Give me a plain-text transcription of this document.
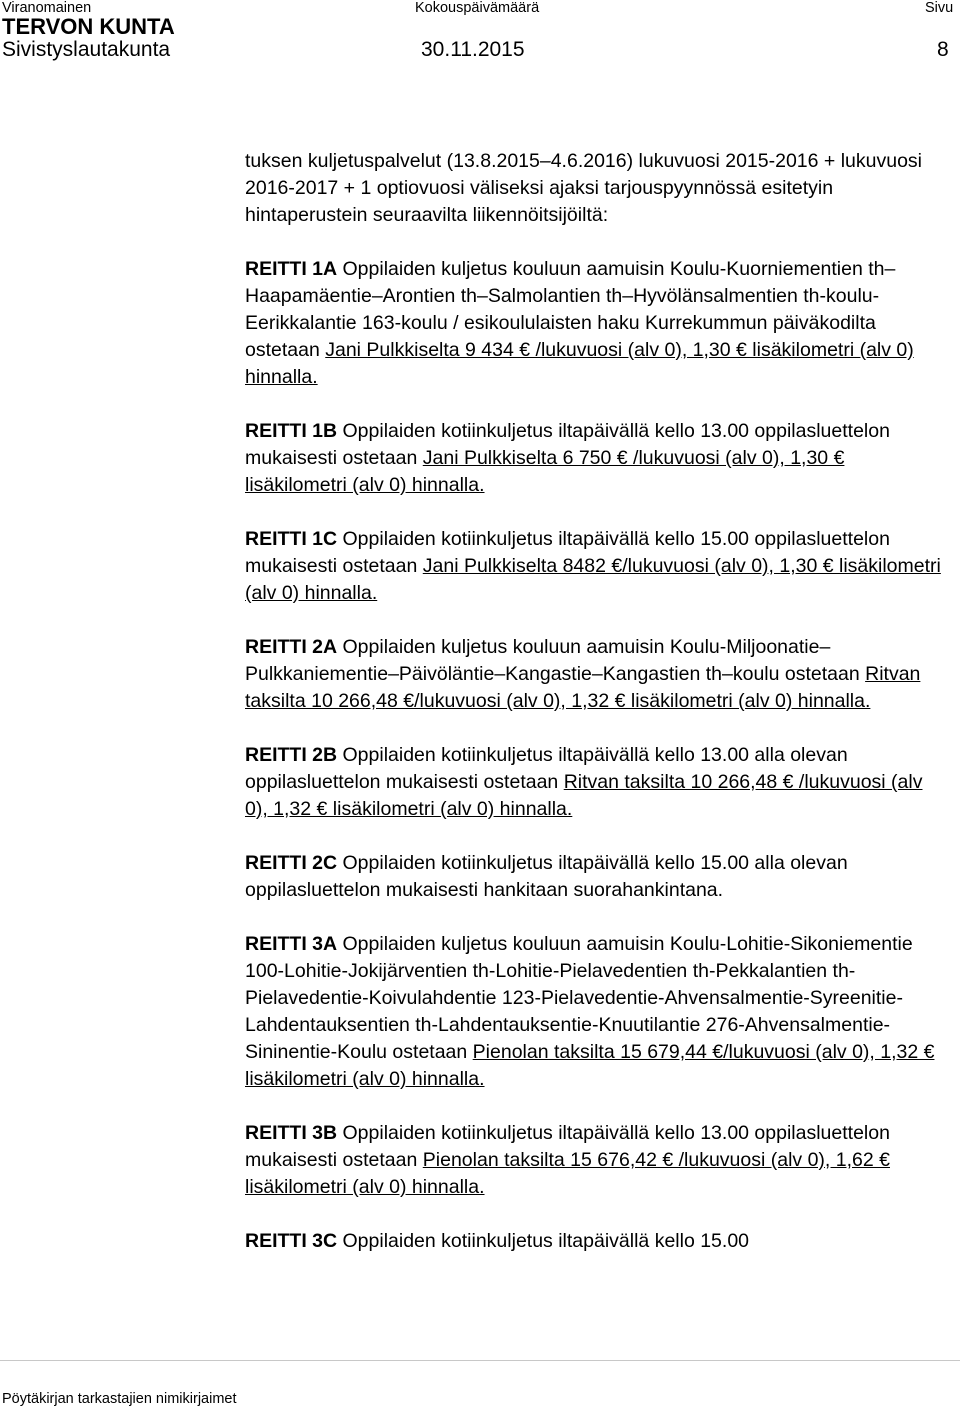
Viranomainen	Kokouspäivämäärä	Sivu
TERVON KUNTA
Sivistyslautakunta	30.11.2015	8

tuksen kuljetuspalvelut (13.8.2015–4.6.2016) lukuvuosi 2015-2016 + lukuvuosi 2016-2017 + 1 optiovuosi väliseksi ajaksi tarjouspyynnössä esitetyin hintaperustein seuraavilta liikennöitsijöiltä:

REITTI 1A Oppilaiden kuljetus kouluun aamuisin Koulu-Kuorniementien th–Haapamäentie–Arontien th–Salmolantien th–Hyvölänsalmentien th-koulu-Eerikkalantie 163-koulu / esikoululaisten haku Kurrekummun päiväkodilta ostetaan Jani Pulkkiselta 9 434 € /lukuvuosi (alv 0), 1,30 € lisäkilometri (alv 0) hinnalla.

REITTI 1B Oppilaiden kotiinkuljetus iltapäivällä kello 13.00 oppilasluettelon mukaisesti ostetaan Jani Pulkkiselta 6 750 € /lukuvuosi (alv 0), 1,30 € lisäkilometri (alv 0) hinnalla.

REITTI 1C Oppilaiden kotiinkuljetus iltapäivällä kello 15.00 oppilasluettelon mukaisesti ostetaan Jani Pulkkiselta 8482 €/lukuvuosi (alv 0), 1,30 € lisäkilometri (alv 0) hinnalla.

REITTI 2A Oppilaiden kuljetus kouluun aamuisin Koulu-Miljoonatie–Pulkkaniementie–Päivöläntie–Kangastie–Kangastien th–koulu ostetaan Ritvan taksilta 10 266,48 €/lukuvuosi (alv 0), 1,32 € lisäkilometri (alv 0) hinnalla.

REITTI 2B Oppilaiden kotiinkuljetus iltapäivällä kello 13.00 alla olevan oppilasluettelon mukaisesti ostetaan Ritvan taksilta 10 266,48 € /lukuvuosi (alv 0), 1,32 € lisäkilometri (alv 0) hinnalla.

REITTI 2C Oppilaiden kotiinkuljetus iltapäivällä kello 15.00 alla olevan oppilasluettelon mukaisesti hankitaan suorahankintana.

REITTI 3A Oppilaiden kuljetus kouluun aamuisin Koulu-Lohitie-Sikoniementie 100-Lohitie-Jokijärventien th-Lohitie-Pielavedentien th-Pekkalantien th-Pielavedentie-Koivulahdentie 123-Pielavedentie-Ahvensalmentie-Syreenitie-Lahdentauksentien th-Lahdentauksentie-Knuutilantie 276-Ahvensalmentie-Sininentie-Koulu ostetaan Pienolan taksilta 15 679,44 €/lukuvuosi (alv 0), 1,32 € lisäkilometri (alv 0) hinnalla.

REITTI 3B Oppilaiden kotiinkuljetus iltapäivällä kello 13.00 oppilasluettelon mukaisesti ostetaan Pienolan taksilta 15 676,42 € /lukuvuosi (alv 0), 1,62 € lisäkilometri (alv 0) hinnalla.

REITTI 3C Oppilaiden kotiinkuljetus iltapäivällä kello 15.00

Pöytäkirjan tarkastajien nimikirjaimet
